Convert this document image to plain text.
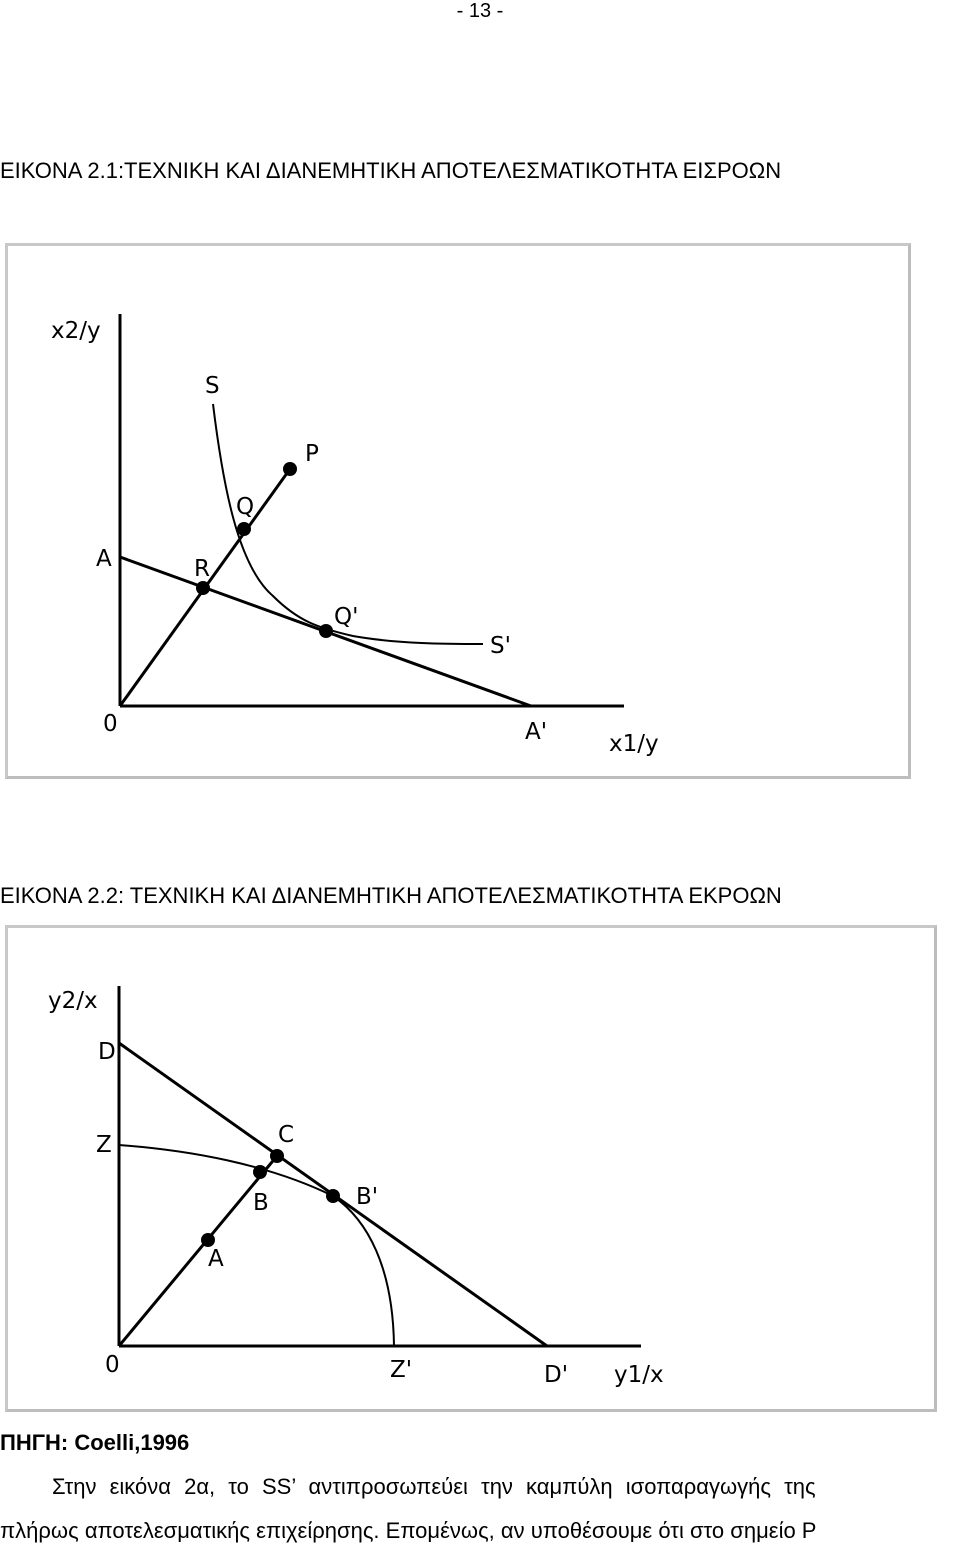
- 13 -
ΕΙΚΟΝΑ 2.1:ΤΕΧΝΙΚΗ ΚΑΙ ΔΙΑΝΕΜΗΤΙΚΗ ΑΠΟΤΕΛΕΣΜΑΤΙΚΟΤΗΤΑ ΕΙΣΡΟΩΝ
x2/y
S
P
Q
A	R
Q'
S'
0	A'	x1/y
ΕΙΚΟΝΑ 2.2: ΤΕΧΝΙΚΗ ΚΑΙ ΔΙΑΝΕΜΗΤΙΚΗ ΑΠΟΤΕΛΕΣΜΑΤΙΚΟΤΗΤΑ ΕΚΡΟΩΝ
y2/x
D
Z	C
B	B'
A
0	Z'	D' y1/x
ΠΗΓΗ: Coelli,1996
Στην εικόνα 2α, το SS’ αντιπροσωπεύει την καμπύλη ισοπαραγωγής της
πλήρως αποτελεσματικής επιχείρησης. Επομένως, αν υποθέσουμε ότι στο σημείο P
